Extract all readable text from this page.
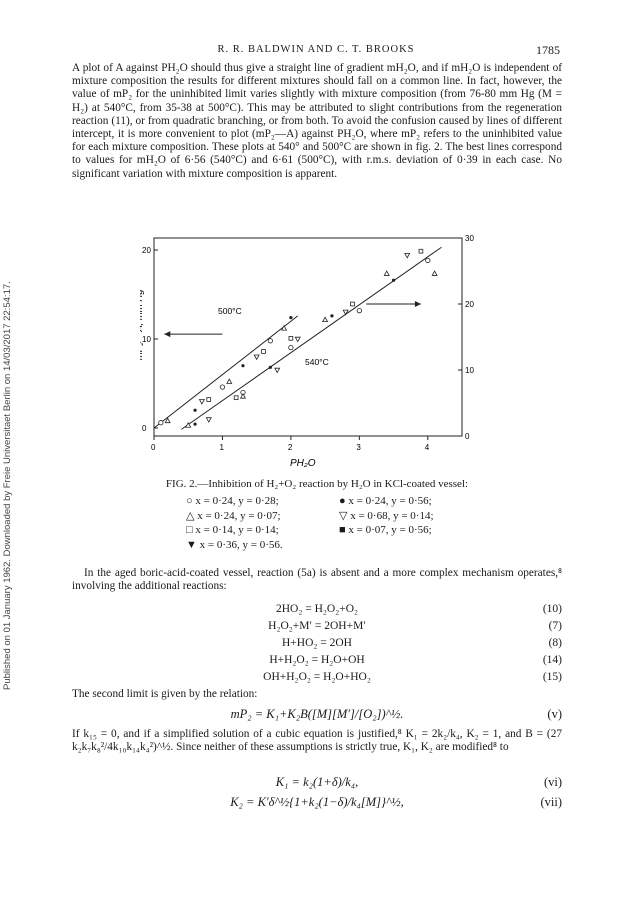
Published on 01 January 1962. Downloaded by Freie Universitaet Berlin on 14/03/2017 22:54:17.
R. R. BALDWIN AND C. T. BROOKS	1785

A plot of A against PH₂O should thus give a straight line of gradient mH₂O, and if mH₂O is independent of mixture composition the results for different mixtures should fall on a common line. In fact, however, the value of mP₂ for the uninhibited limit varies slightly with mixture composition (from 76-80 mm Hg (M = H₂) at 540°C, from 35-38 at 500°C). This may be attributed to slight contributions from the regeneration reaction (11), or from quadratic branching, or from both. To avoid the confusion caused by lines of different intercept, it is more convenient to plot (mP₂—A) against PH₂O, where mP₂ refers to the uninhibited value for each mixture composition. These plots at 540° and 500°C are shown in fig. 2. The best lines correspond to values for mH₂O of 6·56 (540°C) and 6·61 (500°C), with r.m.s. deviation of 0·39 in each case. No significant variation with mixture composition is apparent.

0	1	2	3	4
20
10
0
30
20
10
0
500°C
540°C
mP₂ A, mm Hg
PH₂O
FIG. 2.—Inhibition of H₂+O₂ reaction by H₂O in KCl-coated vessel:
○ x = 0·24, y = 0·28;	● x = 0·24, y = 0·56;
△ x = 0·24, y = 0·07;	▽ x = 0·68, y = 0·14;
□ x = 0·14, y = 0·14;	■ x = 0·07, y = 0·56;
▼ x = 0·36, y = 0·56.
In the aged boric-acid-coated vessel, reaction (5a) is absent and a more complex mechanism operates,⁸ involving the additional reactions:
2HO₂ = H₂O₂+O₂	(10)
H₂O₂+M′ = 2OH+M′	(7)
H+HO₂ = 2OH	(8)
H+H₂O₂ = H₂O+OH	(14)
OH+H₂O₂ = H₂O+HO₂	(15)
The second limit is given by the relation:
mP₂ = K₁+K₂B([M][M′]/[O₂])^½.	(v)
If k₁₅ = 0, and if a simplified solution of a cubic equation is justified,⁸ K₁ = 2k₂/k₄, K₂ = 1, and B = (27 k₂k₇k₈²/4k₁₀k₁₄k₄²)^½. Since neither of these assumptions is strictly true, K₁, K₂ are modified⁸ to
K₁ = k₂(1+δ)/k₄,	(vi)
K₂ = K′δ^½{1+k₂(1−δ)/k₄[M]}^½,	(vii)
